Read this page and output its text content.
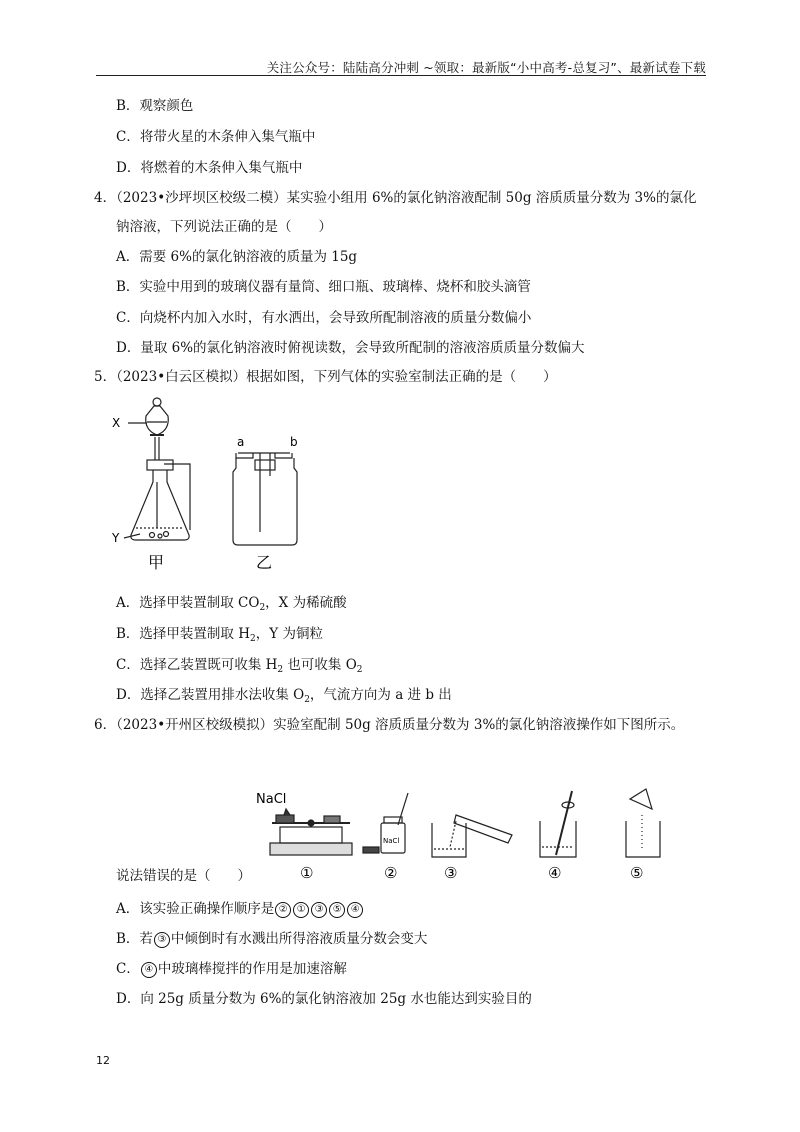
关注公众号：陆陆高分冲刺 ~领取：最新版“小中高考-总复习”、最新试卷下载
B．观察颜色
C．将带火星的木条伸入集气瓶中
D．将燃着的木条伸入集气瓶中
4．（2023•沙坪坝区校级二模）某实验小组用 6%的氯化钠溶液配制 50g 溶质质量分数为 3%的氯化
钠溶液，下列说法正确的是（　　）
A．需要 6%的氯化钠溶液的质量为 15g
B．实验中用到的玻璃仪器有量筒、细口瓶、玻璃棒、烧杯和胶头滴管
C．向烧杯内加入水时，有水洒出，会导致所配制溶液的质量分数偏小
D．量取 6%的氯化钠溶液时俯视读数，会导致所配制的溶液溶质质量分数偏大
5．（2023•白云区模拟）根据如图，下列气体的实验室制法正确的是（　　）
X
Y
甲
a	b
乙
A．选择甲装置制取 $CO_2$，X 为稀硫酸
B．选择甲装置制取 $H_2$，Y 为铜粒
C．选择乙装置既可收集 $H_2$ 也可收集 $O_2$
D．选择乙装置用排水法收集 $O_2$，气流方向为 a 进 b 出
6．（2023•开州区校级模拟）实验室配制 50g 溶质质量分数为 3%的氯化钠溶液操作如下图所示。
NaCl
①
NaCl
②	③	④	⑤
说法错误的是（　　）
A．该实验正确操作顺序是 ② ① ③ ⑤ ④
B．若 ③ 中倾倒时有水溅出所得溶液质量分数会变大
C． ④ 中玻璃棒搅拌的作用是加速溶解
D．向 25g 质量分数为 6%的氯化钠溶液加 25g 水也能达到实验目的
12
